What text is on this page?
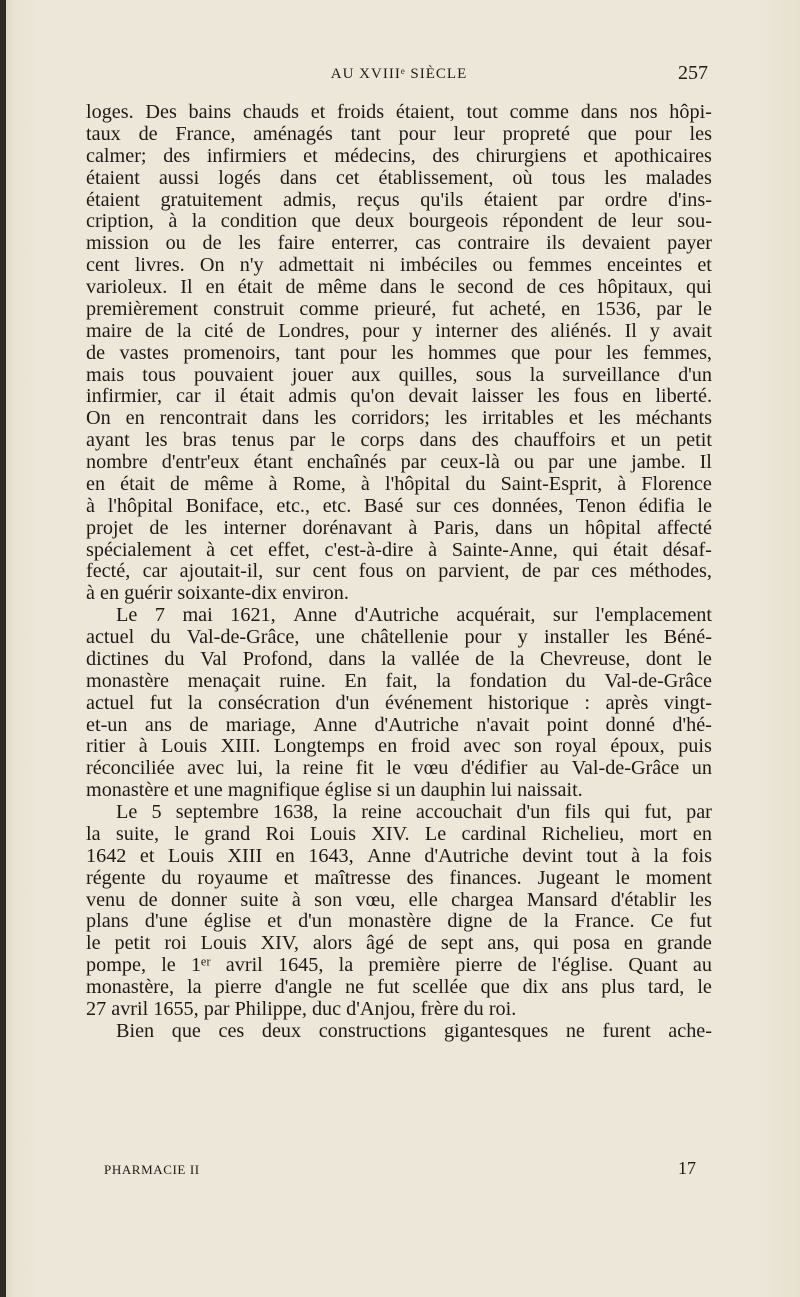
AU XVIIIᵉ SIÈCLE	257
loges. Des bains chauds et froids étaient, tout comme dans nos hôpi-
taux de France, aménagés tant pour leur propreté que pour les
calmer; des infirmiers et médecins, des chirurgiens et apothicaires
étaient aussi logés dans cet établissement, où tous les malades
étaient gratuitement admis, reçus qu'ils étaient par ordre d'ins-
cription, à la condition que deux bourgeois répondent de leur sou-
mission ou de les faire enterrer, cas contraire ils devaient payer
cent livres. On n'y admettait ni imbéciles ou femmes enceintes et
varioleux. Il en était de même dans le second de ces hôpitaux, qui
premièrement construit comme prieuré, fut acheté, en 1536, par le
maire de la cité de Londres, pour y interner des aliénés. Il y avait
de vastes promenoirs, tant pour les hommes que pour les femmes,
mais tous pouvaient jouer aux quilles, sous la surveillance d'un
infirmier, car il était admis qu'on devait laisser les fous en liberté.
On en rencontrait dans les corridors; les irritables et les méchants
ayant les bras tenus par le corps dans des chauffoirs et un petit
nombre d'entr'eux étant enchaînés par ceux-là ou par une jambe. Il
en était de même à Rome, à l'hôpital du Saint-Esprit, à Florence
à l'hôpital Boniface, etc., etc. Basé sur ces données, Tenon édifia le
projet de les interner dorénavant à Paris, dans un hôpital affecté
spécialement à cet effet, c'est-à-dire à Sainte-Anne, qui était désaf-
fecté, car ajoutait-il, sur cent fous on parvient, de par ces méthodes,
à en guérir soixante-dix environ.
Le 7 mai 1621, Anne d'Autriche acquérait, sur l'emplacement
actuel du Val-de-Grâce, une châtellenie pour y installer les Béné-
dictines du Val Profond, dans la vallée de la Chevreuse, dont le
monastère menaçait ruine. En fait, la fondation du Val-de-Grâce
actuel fut la consécration d'un événement historique : après vingt-
et-un ans de mariage, Anne d'Autriche n'avait point donné d'hé-
ritier à Louis XIII. Longtemps en froid avec son royal époux, puis
réconciliée avec lui, la reine fit le vœu d'édifier au Val-de-Grâce un
monastère et une magnifique église si un dauphin lui naissait.
Le 5 septembre 1638, la reine accouchait d'un fils qui fut, par
la suite, le grand Roi Louis XIV. Le cardinal Richelieu, mort en
1642 et Louis XIII en 1643, Anne d'Autriche devint tout à la fois
régente du royaume et maîtresse des finances. Jugeant le moment
venu de donner suite à son vœu, elle chargea Mansard d'établir les
plans d'une église et d'un monastère digne de la France. Ce fut
le petit roi Louis XIV, alors âgé de sept ans, qui posa en grande
pompe, le 1ᵉʳ avril 1645, la première pierre de l'église. Quant au
monastère, la pierre d'angle ne fut scellée que dix ans plus tard, le
27 avril 1655, par Philippe, duc d'Anjou, frère du roi.
Bien que ces deux constructions gigantesques ne furent ache-
PHARMACIE II	17
